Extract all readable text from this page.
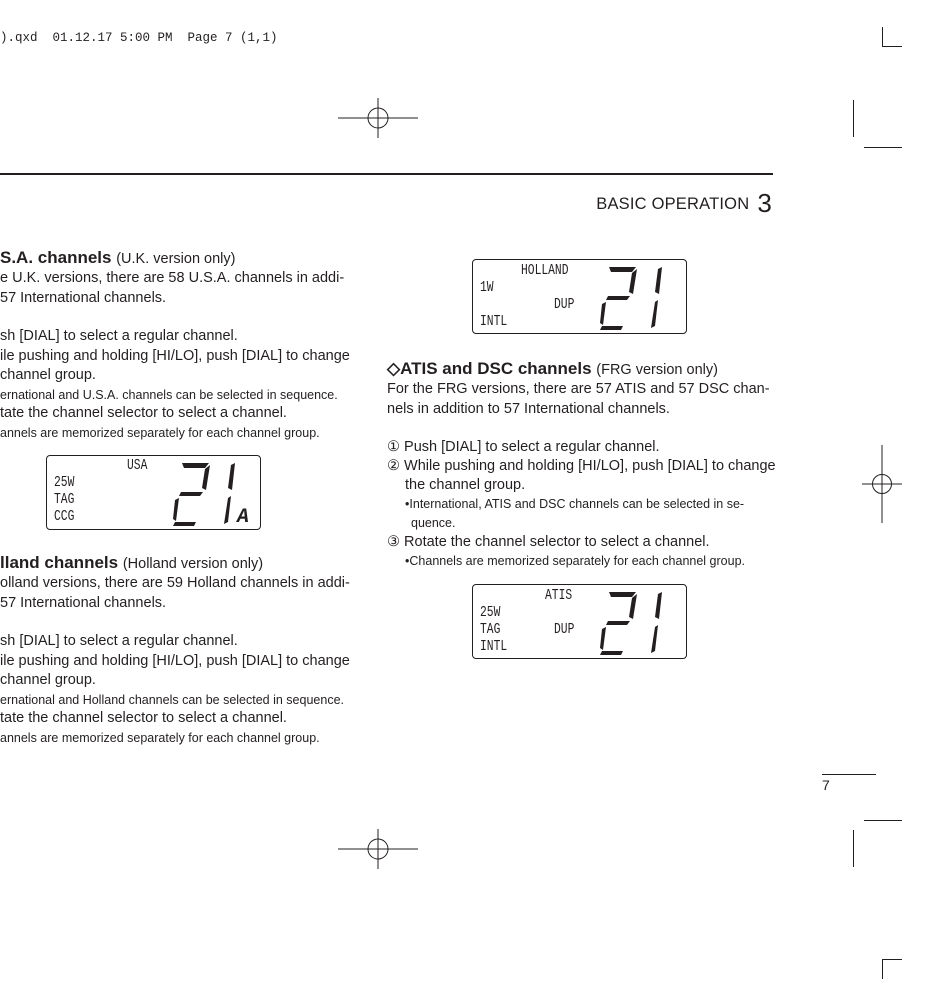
).qxd  01.12.17 5:00 PM  Page 7 (1,1)
BASIC OPERATION 3
S.A. channels (U.K. version only)
e U.K. versions, there are 58 U.S.A. channels in addi-
57 International channels.
sh [DIAL] to select a regular channel.
ile pushing and holding [HI/LO], push [DIAL] to change
channel group.
ernational and U.S.A. channels can be selected in sequence.
tate the channel selector to select a channel.
annels are memorized separately for each channel group.
USA
25W
TAG
CCG	A
lland channels (Holland version only)
olland versions, there are 59 Holland channels in addi-
57 International channels.
sh [DIAL] to select a regular channel.
ile pushing and holding [HI/LO], push [DIAL] to change
channel group.
ernational and Holland channels can be selected in sequence.
tate the channel selector to select a channel.
annels are memorized separately for each channel group.
HOLLAND
1W
DUP
INTL
◇ATIS and DSC channels (FRG version only)
For the FRG versions, there are 57 ATIS and 57 DSC chan-
nels in addition to 57 International channels.
① Push [DIAL] to select a regular channel.
② While pushing and holding [HI/LO], push [DIAL] to change
the channel group.
•International, ATIS and DSC channels can be selected in se-
quence.
③ Rotate the channel selector to select a channel.
•Channels are memorized separately for each channel group.
ATIS
25W
TAG	DUP
INTL
7
